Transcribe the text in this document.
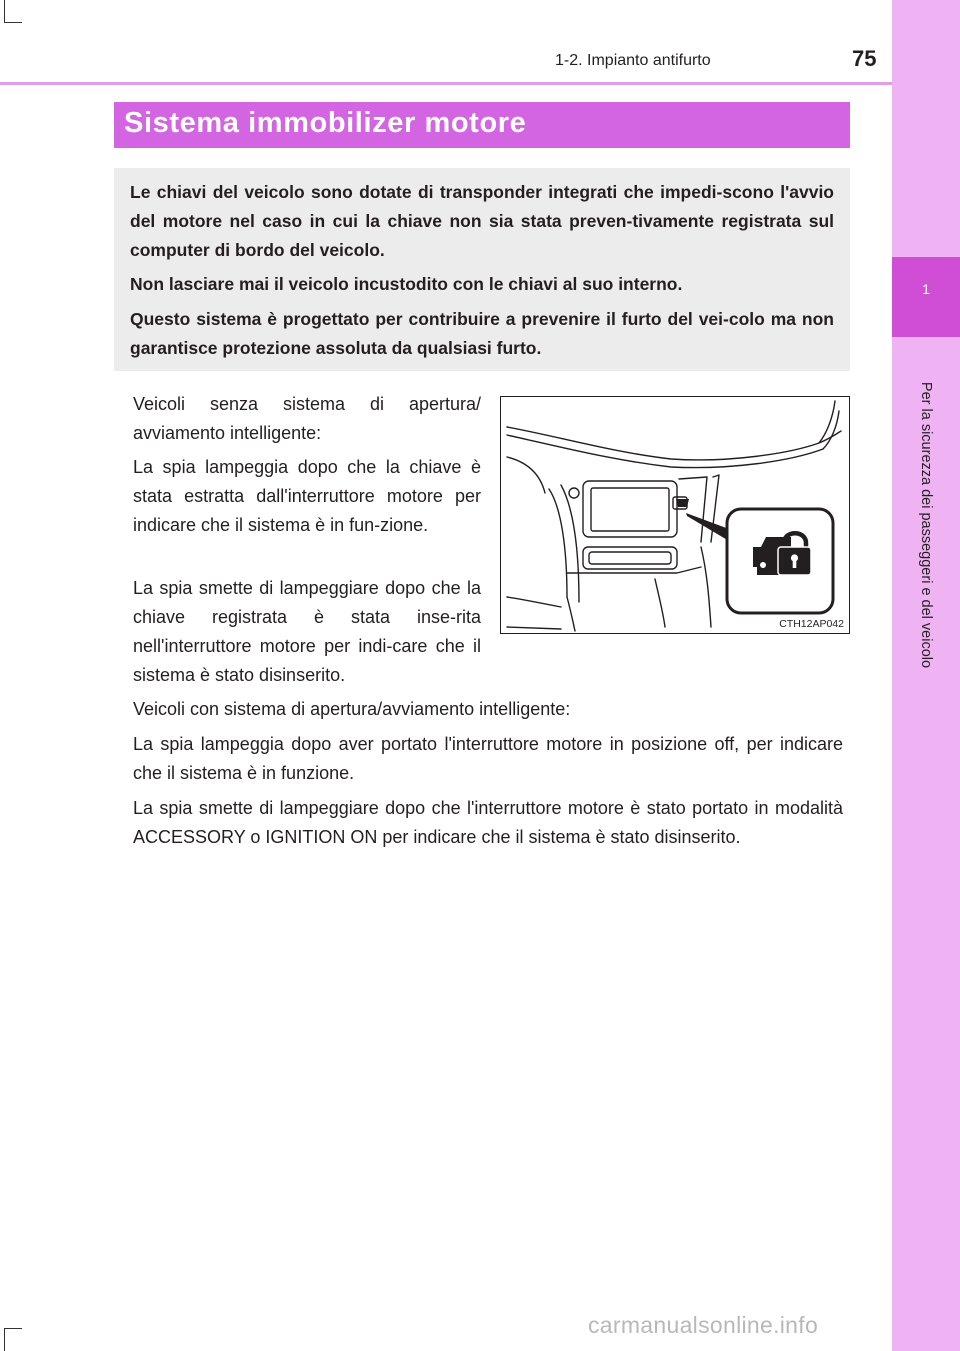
1-2. Impianto antifurto	75
1
Per la sicurezza dei passeggeri e del veicolo
Sistema immobilizer motore

Le chiavi del veicolo sono dotate di transponder integrati che impedi-scono l'avvio del motore nel caso in cui la chiave non sia stata preven-tivamente registrata sul computer di bordo del veicolo.

Non lasciare mai il veicolo incustodito con le chiavi al suo interno.

Questo sistema è progettato per contribuire a prevenire il furto del vei-colo ma non garantisce protezione assoluta da qualsiasi furto.

Veicoli senza sistema di apertura/ avviamento intelligente:

La spia lampeggia dopo che la chiave è stata estratta dall'interruttore motore per indicare che il sistema è in fun-zione.

La spia smette di lampeggiare dopo che la chiave registrata è stata inse-rita nell'interruttore motore per indi-care che il sistema è stato disinserito.

CTH12AP042

Veicoli con sistema di apertura/avviamento intelligente:

La spia lampeggia dopo aver portato l'interruttore motore in posizione off, per indicare che il sistema è in funzione.

La spia smette di lampeggiare dopo che l'interruttore motore è stato portato in modalità ACCESSORY o IGNITION ON per indicare che il sistema è stato disinserito.

carmanualsonline.info
